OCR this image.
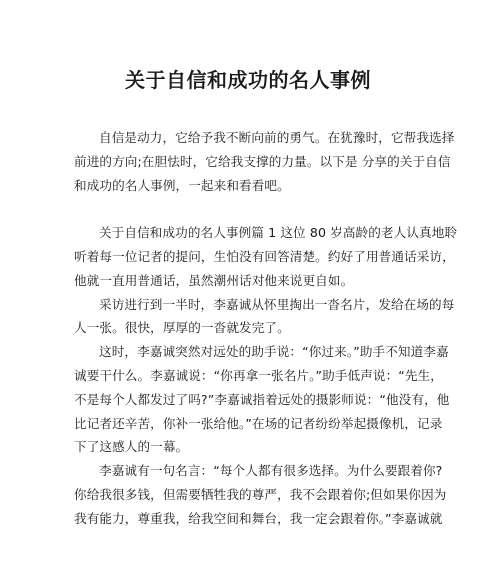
关于自信和成功的名人事例
自信是动力，它给予我不断向前的勇气。在犹豫时，它帮我选择
前进的方向;在胆怯时，它给我支撑的力量。以下是 分享的关于自信
和成功的名人事例，一起来和看看吧。
关于自信和成功的名人事例篇 1 这位 80 岁高龄的老人认真地聆
听着每一位记者的提问，生怕没有回答清楚。约好了用普通话采访，
他就一直用普通话，虽然潮州话对他来说更自如。
采访进行到一半时，李嘉诚从怀里掏出一沓名片，发给在场的每
人一张。很快，厚厚的一沓就发完了。
这时，李嘉诚突然对远处的助手说：“你过来。”助手不知道李嘉
诚要干什么。李嘉诚说：“你再拿一张名片。”助手低声说：“先生，
不是每个人都发过了吗?”李嘉诚指着远处的摄影师说：“他没有，他
比记者还辛苦，你补一张给他。”在场的记者纷纷举起摄像机，记录
下了这感人的一幕。
李嘉诚有一句名言：“每个人都有很多选择。为什么要跟着你?
你给我很多钱，但需要牺牲我的尊严，我不会跟着你;但如果你因为
我有能力，尊重我，给我空间和舞台，我一定会跟着你。”李嘉诚就
